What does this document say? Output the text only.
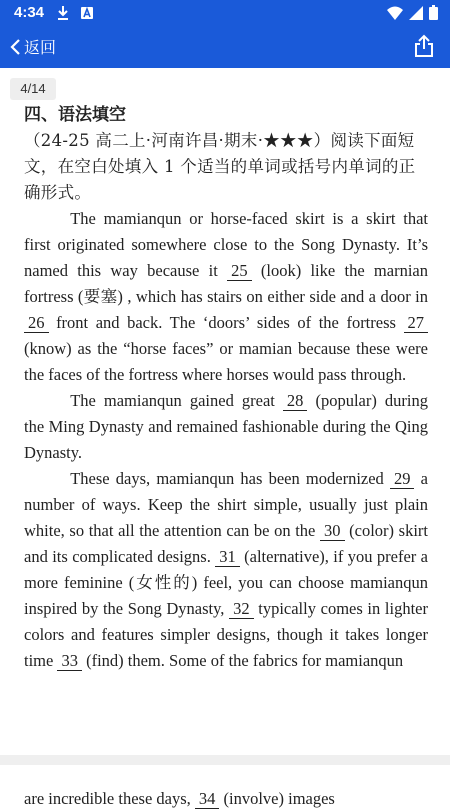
4:34
返回
4/14

四、语法填空

（24-25 高二上·河南许昌·期末·★★★）阅读下面短文，在空白处填入 1 个适当的单词或括号内单词的正确形式。

The mamianqun or horse-faced skirt is a skirt that first originated somewhere close to the Song Dynasty. It’s named this way because it 25 (look) like the marnian fortress (要塞) , which has stairs on either side and a door in 26 front and back. The ‘doors’ sides of the fortress 27 (know) as the “horse faces” or mamian because these were the faces of the fortress where horses would pass through.

The mamianqun gained great 28 (popular) during the Ming Dynasty and remained fashionable during the Qing Dynasty.

These days, mamianqun has been modernized 29 a number of ways. Keep the shirt simple, usually just plain white, so that all the attention can be on the 30 (color) skirt and its complicated designs. 31 (alternative), if you prefer a more feminine (女性的) feel, you can choose mamianqun inspired by the Song Dynasty, 32 typically comes in lighter colors and features simpler designs, though it takes longer time 33 (find) them. Some of the fabrics for mamianqun

are incredible these days, 34 (involve) images
